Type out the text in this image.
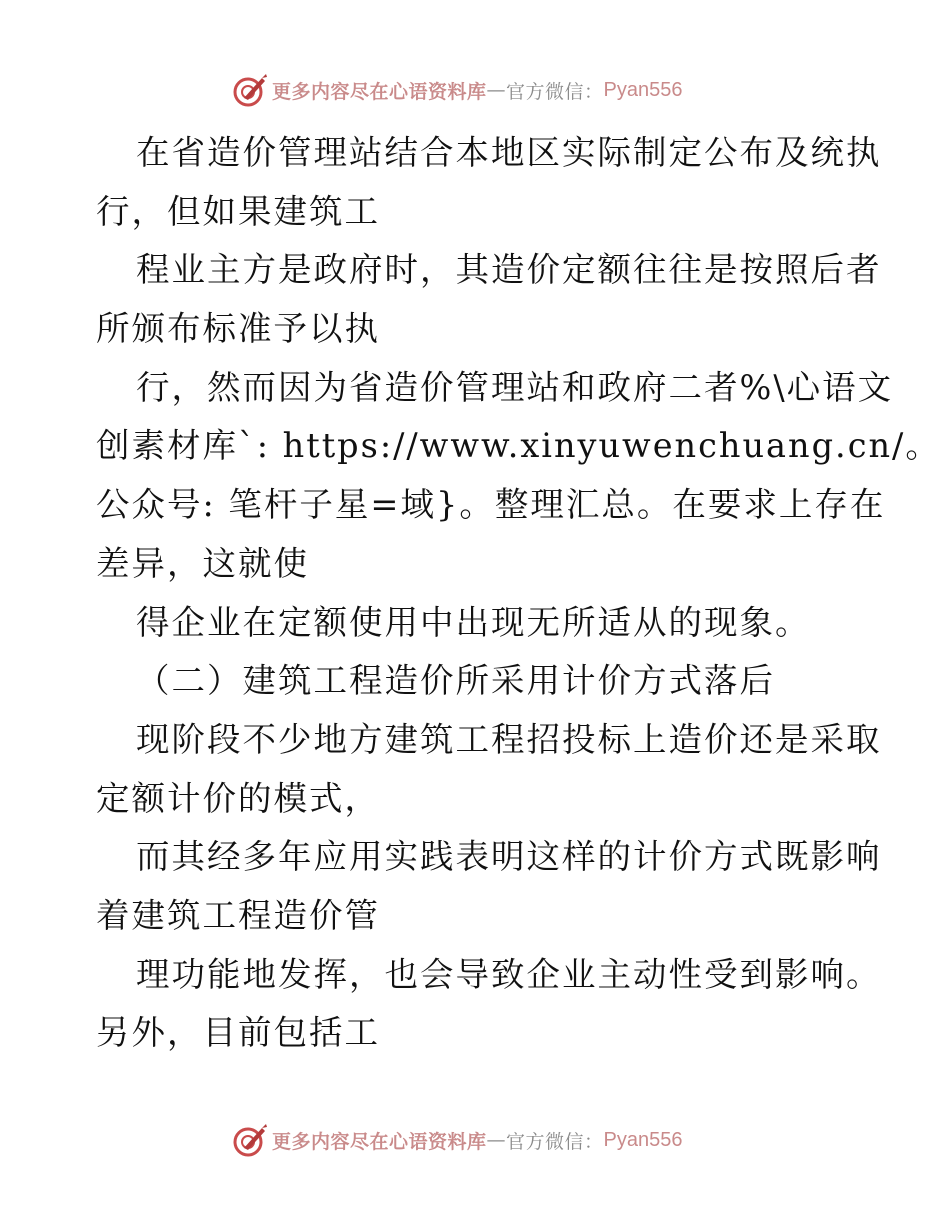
更多内容尽在心语资料库 — 官方微信： Pyan556
在省造价管理站结合本地区实际制定公布及统执
行，但如果建筑工
程业主方是政府时，其造价定额往往是按照后者
所颁布标准予以执
行，然而因为省造价管理站和政府二者%\心语文
创素材库`: https://www.xinyuwenchuang.cn/。
公众号: 笔杆子星=域}。整理汇总。在要求上存在
差异，这就使
得企业在定额使用中出现无所适从的现象。
（二）建筑工程造价所采用计价方式落后
现阶段不少地方建筑工程招投标上造价还是采取
定额计价的模式，
而其经多年应用实践表明这样的计价方式既影响
着建筑工程造价管
理功能地发挥，也会导致企业主动性受到影响。
另外，目前包括工
更多内容尽在心语资料库 — 官方微信： Pyan556
